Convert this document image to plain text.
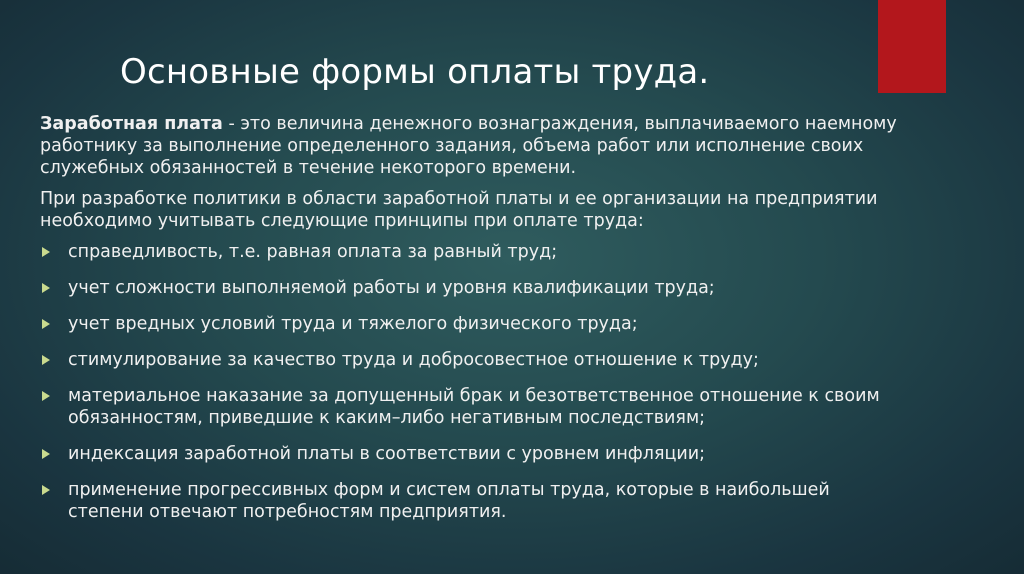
Основные формы оплаты труда.

Заработная плата - это величина денежного вознаграждения, выплачиваемого наемному работнику за выполнение определенного задания, объема работ или исполнение своих служебных обязанностей в течение некоторого времени.

При разработке политики в области заработной платы и ее организации на предприятии необходимо учитывать следующие принципы при оплате труда:

справедливость, т.е. равная оплата за равный труд;
учет сложности выполняемой работы и уровня квалификации труда;
учет вредных условий труда и тяжелого физического труда;
стимулирование за качество труда и добросовестное отношение к труду;
материальное наказание за допущенный брак и безответственное отношение к своим обязанностям, приведшие к каким–либо негативным последствиям;
индексация заработной платы в соответствии с уровнем инфляции;
применение прогрессивных форм и систем оплаты труда, которые в наибольшей степени отвечают потребностям предприятия.
